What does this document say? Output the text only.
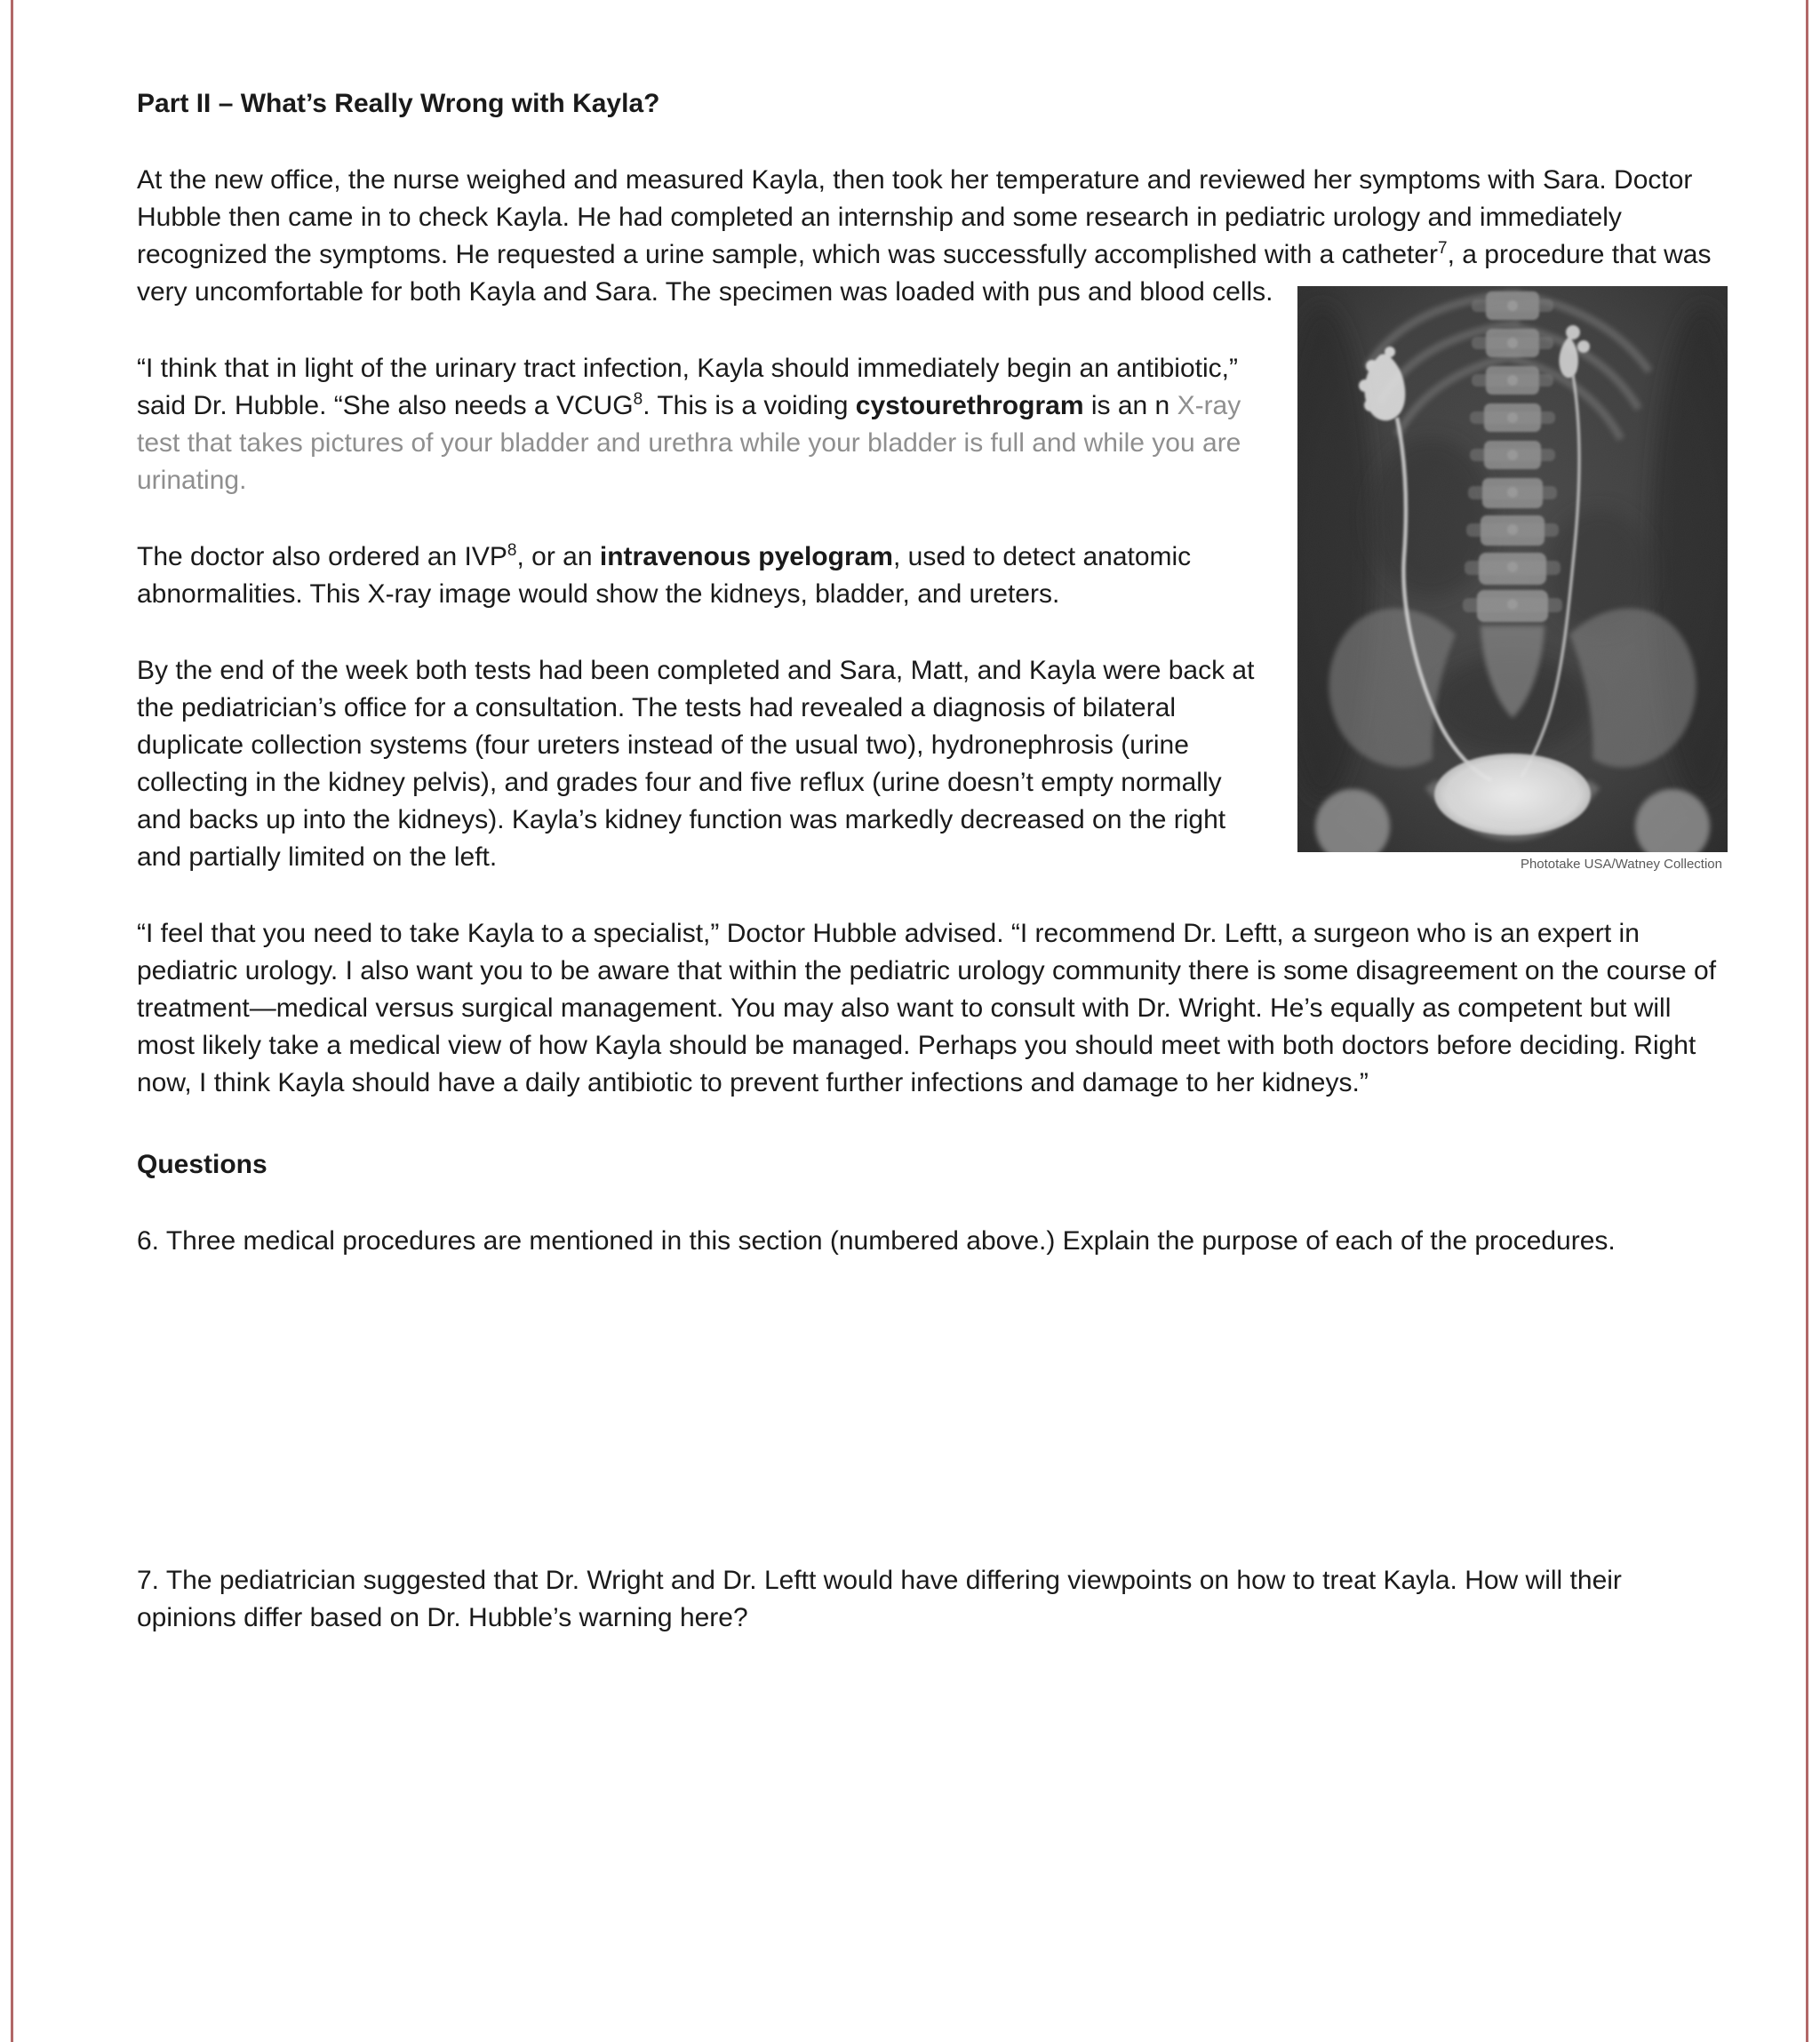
Part II – What’s Really Wrong with Kayla?

At the new office, the nurse weighed and measured Kayla, then took her temperature and reviewed her symptoms with Sara. Doctor Hubble then came in to check Kayla. He had completed an internship and some research in pediatric urology and immediately recognized the symptoms. He requested a urine sample, which was successfully accomplished with a catheter$^7$, a procedure that was very uncomfortable for both Kayla and Sara. The specimen was loaded with pus and blood cells.

Phototake USA/Watney Collection

“I think that in light of the urinary tract infection, Kayla should immediately begin an antibiotic,” said Dr. Hubble. “She also needs a VCUG$^8$. This is a voiding cystourethrogram is an n X-ray test that takes pictures of your bladder and urethra while your bladder is full and while you are urinating.

The doctor also ordered an IVP$^8$, or an intravenous pyelogram, used to detect anatomic abnormalities. This X-ray image would show the kidneys, bladder, and ureters.

By the end of the week both tests had been completed and Sara, Matt, and Kayla were back at the pediatrician’s office for a consultation. The tests had revealed a diagnosis of bilateral duplicate collection systems (four ureters instead of the usual two), hydronephrosis (urine collecting in the kidney pelvis), and grades four and five reflux (urine doesn’t empty normally and backs up into the kidneys). Kayla’s kidney function was markedly decreased on the right and partially limited on the left.

“I feel that you need to take Kayla to a specialist,” Doctor Hubble advised. “I recommend Dr. Leftt, a surgeon who is an expert in pediatric urology. I also want you to be aware that within the pediatric urology community there is some disagreement on the course of treatment—medical versus surgical management. You may also want to consult with Dr. Wright. He’s equally as competent but will most likely take a medical view of how Kayla should be managed. Perhaps you should meet with both doctors before deciding. Right now, I think Kayla should have a daily antibiotic to prevent further infections and damage to her kidneys.”

Questions

6. Three medical procedures are mentioned in this section (numbered above.) Explain the purpose of each of the procedures.

7. The pediatrician suggested that Dr. Wright and Dr. Leftt would have differing viewpoints on how to treat Kayla. How will their opinions differ based on Dr. Hubble’s warning here?
